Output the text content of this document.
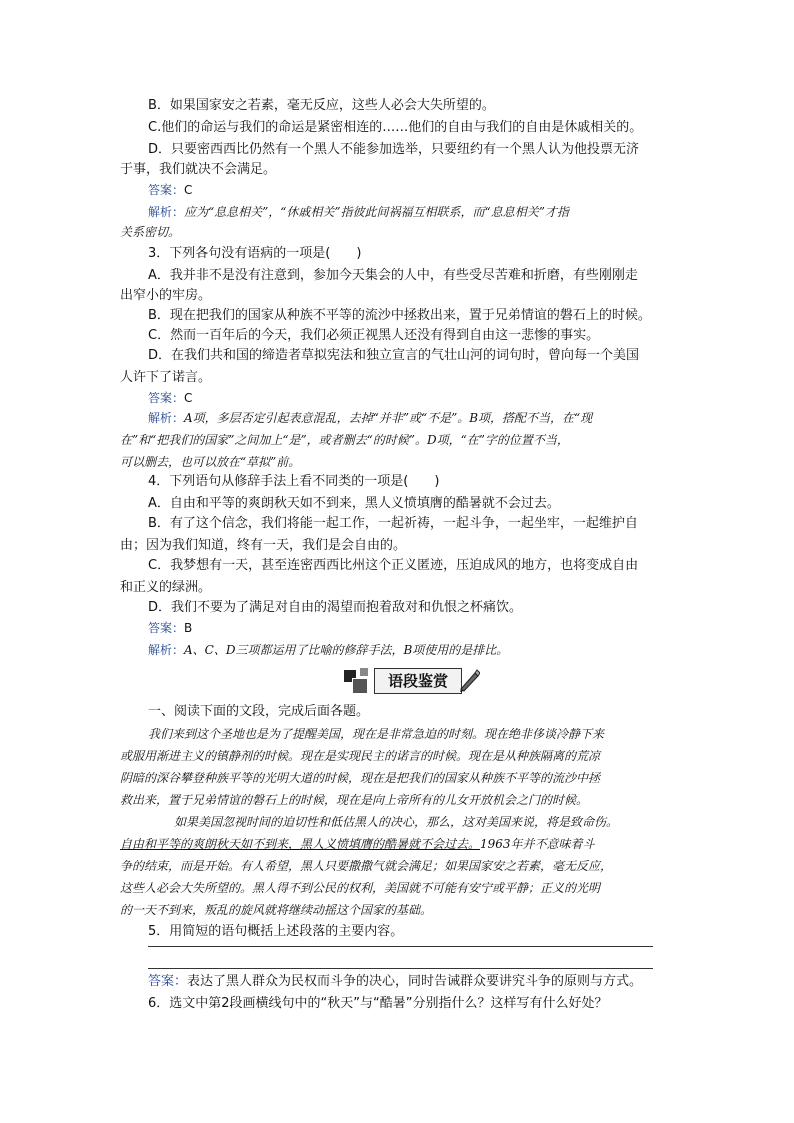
B．如果国家安之若素，毫无反应，这些人必会大失所望的。
C.他们的命运与我们的命运是紧密相连的……他们的自由与我们的自由是休戚相关的。
D．只要密西西比仍然有一个黑人不能参加选举，只要纽约有一个黑人认为他投票无济
于事，我们就决不会满足。
答案：C
解析：应为“息息相关”，“休戚相关”指彼此间祸福互相联系，而“息息相关”才指
关系密切。
3．下列各句没有语病的一项是(　　)
A．我并非不是没有注意到，参加今天集会的人中，有些受尽苦难和折磨，有些刚刚走
出窄小的牢房。
B．现在把我们的国家从种族不平等的流沙中拯救出来，置于兄弟情谊的磐石上的时候。
C．然而一百年后的今天，我们必须正视黑人还没有得到自由这一悲惨的事实。
D．在我们共和国的缔造者草拟宪法和独立宣言的气壮山河的词句时，曾向每一个美国
人许下了诺言。
答案：C
解析：A项，多层否定引起表意混乱，去掉“并非”或“不是”。B项，搭配不当，在“现
在”和“把我们的国家”之间加上“是”，或者删去“的时候”。D项，“在”字的位置不当，
可以删去，也可以放在“草拟”前。
4．下列语句从修辞手法上看不同类的一项是(　　)
A．自由和平等的爽朗秋天如不到来，黑人义愤填膺的酷暑就不会过去。
B．有了这个信念，我们将能一起工作，一起祈祷，一起斗争，一起坐牢，一起维护自
由；因为我们知道，终有一天，我们是会自由的。
C．我梦想有一天，甚至连密西西比州这个正义匿迹，压迫成风的地方，也将变成自由
和正义的绿洲。
D．我们不要为了满足对自由的渴望而抱着敌对和仇恨之杯痛饮。
答案：B
解析：A、C、D三项都运用了比喻的修辞手法，B项使用的是排比。
语段鉴赏
一、阅读下面的文段，完成后面各题。
我们来到这个圣地也是为了提醒美国，现在是非常急迫的时刻。现在绝非侈谈冷静下来
或服用渐进主义的镇静剂的时候。现在是实现民主的诺言的时候。现在是从种族隔离的荒凉
阴暗的深谷攀登种族平等的光明大道的时候，现在是把我们的国家从种族不平等的流沙中拯
救出来，置于兄弟情谊的磐石上的时候，现在是向上帝所有的儿女开放机会之门的时候。
如果美国忽视时间的迫切性和低估黑人的决心，那么，这对美国来说，将是致命伤。
自由和平等的爽朗秋天如不到来，黑人义愤填膺的酷暑就不会过去。1963年并不意味着斗
争的结束，而是开始。有人希望，黑人只要撒撒气就会满足；如果国家安之若素，毫无反应，
这些人必会大失所望的。黑人得不到公民的权利，美国就不可能有安宁或平静；正义的光明
的一天不到来，叛乱的旋风就将继续动摇这个国家的基础。
5．用简短的语句概括上述段落的主要内容。
答案：表达了黑人群众为民权而斗争的决心，同时告诫群众要讲究斗争的原则与方式。
6．选文中第2段画横线句中的“秋天”与“酷暑”分别指什么？这样写有什么好处？
